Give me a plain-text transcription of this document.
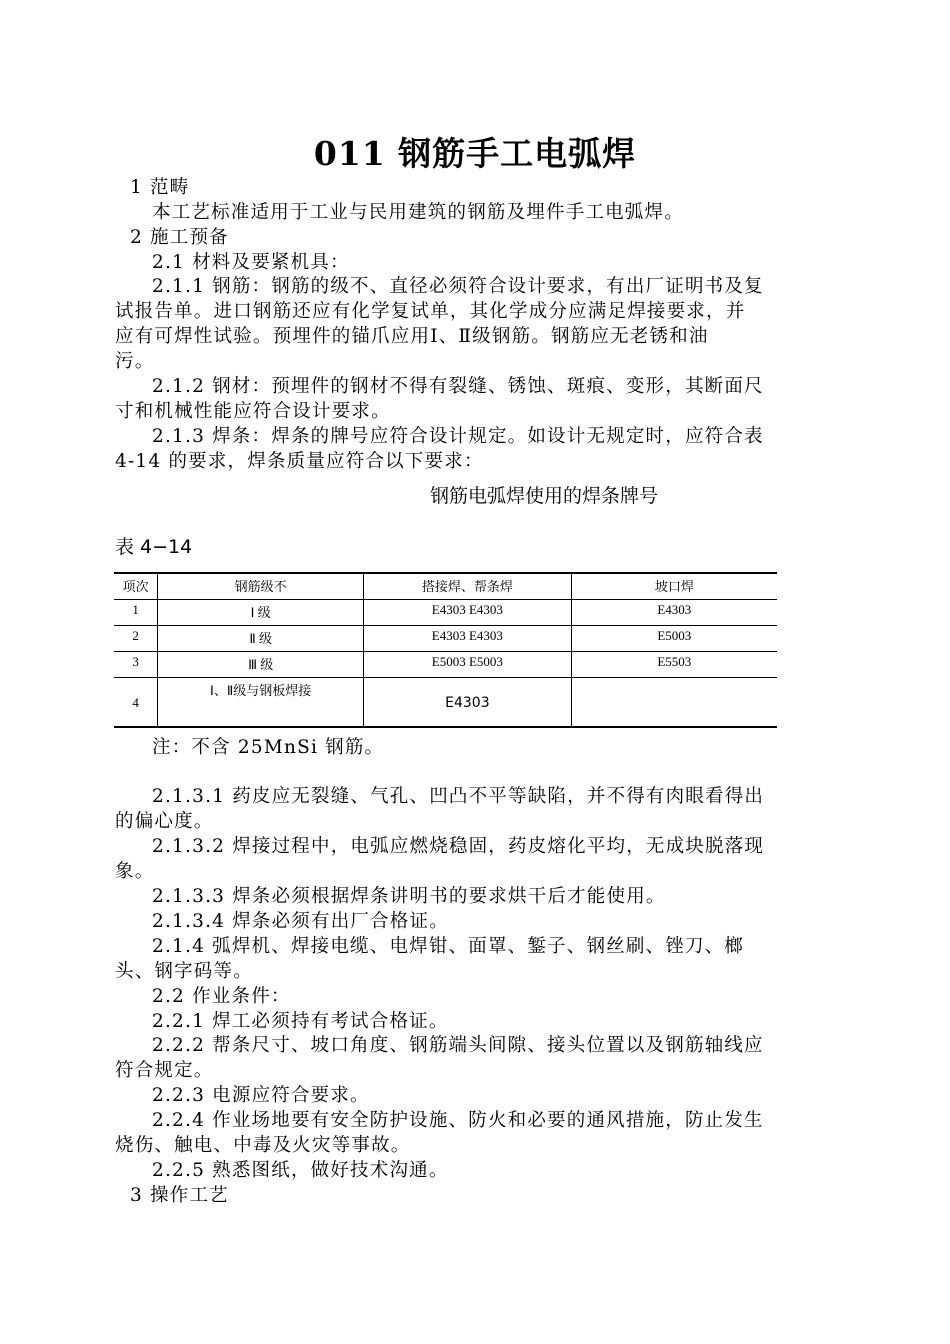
011 钢筋手工电弧焊
1 范畴
本工艺标准适用于工业与民用建筑的钢筋及埋件手工电弧焊。
2 施工预备
2.1 材料及要紧机具：
2.1.1 钢筋：钢筋的级不、直径必须符合设计要求，有出厂证明书及复
试报告单。进口钢筋还应有化学复试单，其化学成分应满足焊接要求，并
应有可焊性试验。预埋件的锚爪应用Ⅰ、Ⅱ级钢筋。钢筋应无老锈和油
污。
2.1.2 钢材：预埋件的钢材不得有裂缝、锈蚀、斑痕、变形，其断面尺
寸和机械性能应符合设计要求。
2.1.3 焊条：焊条的牌号应符合设计规定。如设计无规定时，应符合表
4-14 的要求，焊条质量应符合以下要求：
钢筋电弧焊使用的焊条牌号
表 4−14
项次	钢筋级不	搭接焊、帮条焊	坡口焊
1	Ⅰ 级	E4303 E4303	E4303
2	Ⅱ 级	E4303 E4303	E5003
3	Ⅲ 级	E5003 E5003	E5503
4	Ⅰ、Ⅱ级与钢板焊接	E4303	
注：不含 25MnSi 钢筋。
2.1.3.1 药皮应无裂缝、气孔、凹凸不平等缺陷，并不得有肉眼看得出
的偏心度。
2.1.3.2 焊接过程中，电弧应燃烧稳固，药皮熔化平均，无成块脱落现
象。
2.1.3.3 焊条必须根据焊条讲明书的要求烘干后才能使用。
2.1.3.4 焊条必须有出厂合格证。
2.1.4 弧焊机、焊接电缆、电焊钳、面罩、錾子、钢丝刷、锉刀、榔
头、钢字码等。
2.2 作业条件：
2.2.1 焊工必须持有考试合格证。
2.2.2 帮条尺寸、坡口角度、钢筋端头间隙、接头位置以及钢筋轴线应
符合规定。
2.2.3 电源应符合要求。
2.2.4 作业场地要有安全防护设施、防火和必要的通风措施，防止发生
烧伤、触电、中毒及火灾等事故。
2.2.5 熟悉图纸，做好技术沟通。
3 操作工艺
